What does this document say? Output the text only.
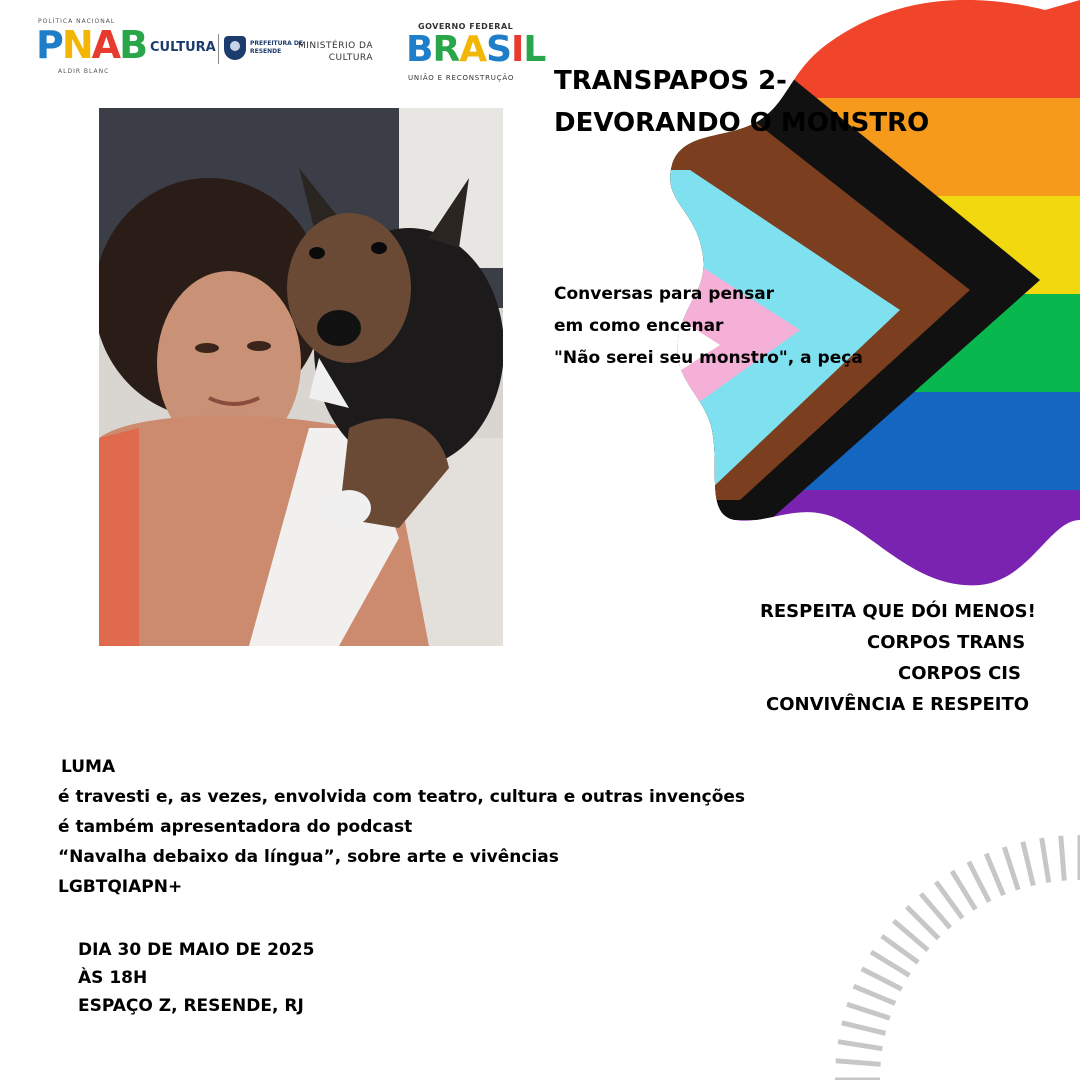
POLÍTICA NACIONAL
PNAB
ALDIR BLANC
CULTURA	PREFEITURA DE
RESENDE
MINISTÉRIO DA
CULTURA
GOVERNO FEDERAL
BRASIL
UNIÃO E RECONSTRUÇÃO TRANSPAPOS 2-
DEVORANDO O MONSTRO
Conversas para pensar
em como encenar
"Não serei seu monstro", a peça
RESPEITA QUE DÓI MENOS!
CORPOS TRANS
CORPOS CIS
CONVIVÊNCIA E RESPEITO
LUMA
é travesti e, as vezes, envolvida com teatro, cultura e outras invenções
é também apresentadora do podcast
“Navalha debaixo da língua”, sobre arte e vivências
LGBTQIAPN+
DIA 30 DE MAIO DE 2025
ÀS 18H
ESPAÇO Z, RESENDE, RJ
